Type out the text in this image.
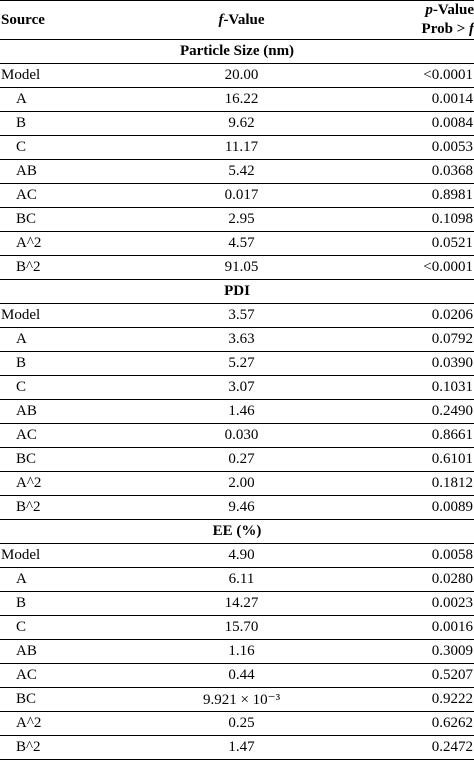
Source	f-Value	p-Value
Prob > f

Particle Size (nm)		
Model	20.00	<0.0001
A	16.22	0.0014
B	9.62	0.0084
C	11.17	0.0053
AB	5.42	0.0368
AC	0.017	0.8981
BC	2.95	0.1098
A^2	4.57	0.0521
B^2	91.05	<0.0001
PDI		
Model	3.57	0.0206
A	3.63	0.0792
B	5.27	0.0390
C	3.07	0.1031
AB	1.46	0.2490
AC	0.030	0.8661
BC	0.27	0.6101
A^2	2.00	0.1812
B^2	9.46	0.0089
EE (%)		
Model	4.90	0.0058
A	6.11	0.0280
B	14.27	0.0023
C	15.70	0.0016
AB	1.16	0.3009
AC	0.44	0.5207
BC	9.921 × 10⁻³	0.9222
A^2	0.25	0.6262
B^2	1.47	0.2472
